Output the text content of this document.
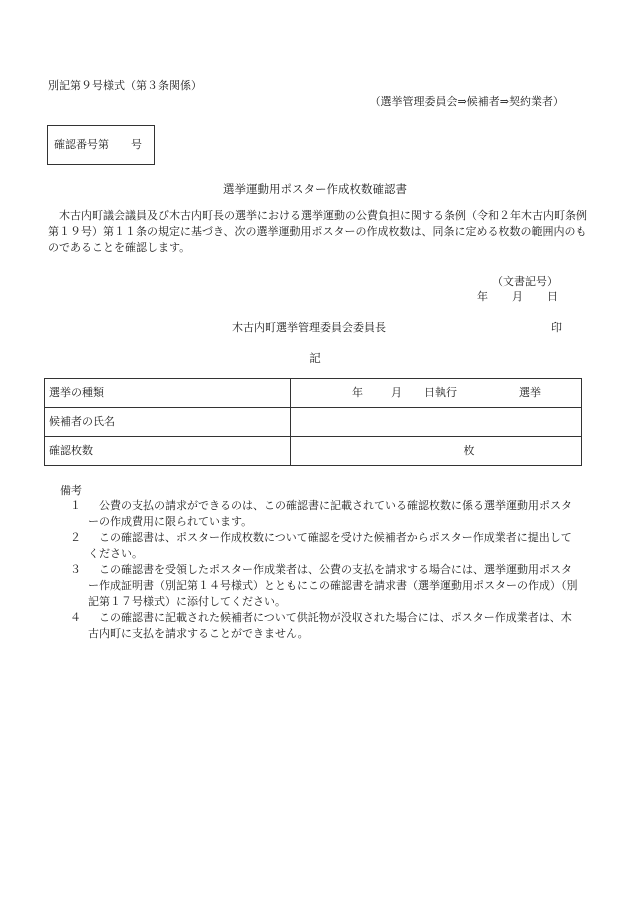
別記第９号様式（第３条関係）
（選挙管理委員会⇒候補者⇒契約業者）
確認番号第 号
選挙運動用ポスター作成枚数確認書
木古内町議会議員及び木古内町長の選挙における選挙運動の公費負担に関する条例（令和２年木古内町条例第１９号）第１１条の規定に基づき、次の選挙運動用ポスターの作成枚数は、同条に定める枚数の範囲内のものであることを確認します。
（文書記号）
年 月 日
木古内町選挙管理委員会委員長	印
記
選挙の種類	年 月 日執行 選挙

候補者の氏名	
確認枚数	枚
備考
１	公費の支払の請求ができるのは、この確認書に記載されている確認枚数に係る選挙運動用ポスターの作成費用に限られています。
２	この確認書は、ポスター作成枚数について確認を受けた候補者からポスター作成業者に提出してください。
３	この確認書を受領したポスター作成業者は、公費の支払を請求する場合には、選挙運動用ポスター作成証明書（別記第１４号様式）とともにこの確認書を請求書（選挙運動用ポスターの作成）（別記第１７号様式）に添付してください。
４	この確認書に記載された候補者について供託物が没収された場合には、ポスター作成業者は、木古内町に支払を請求することができません。
